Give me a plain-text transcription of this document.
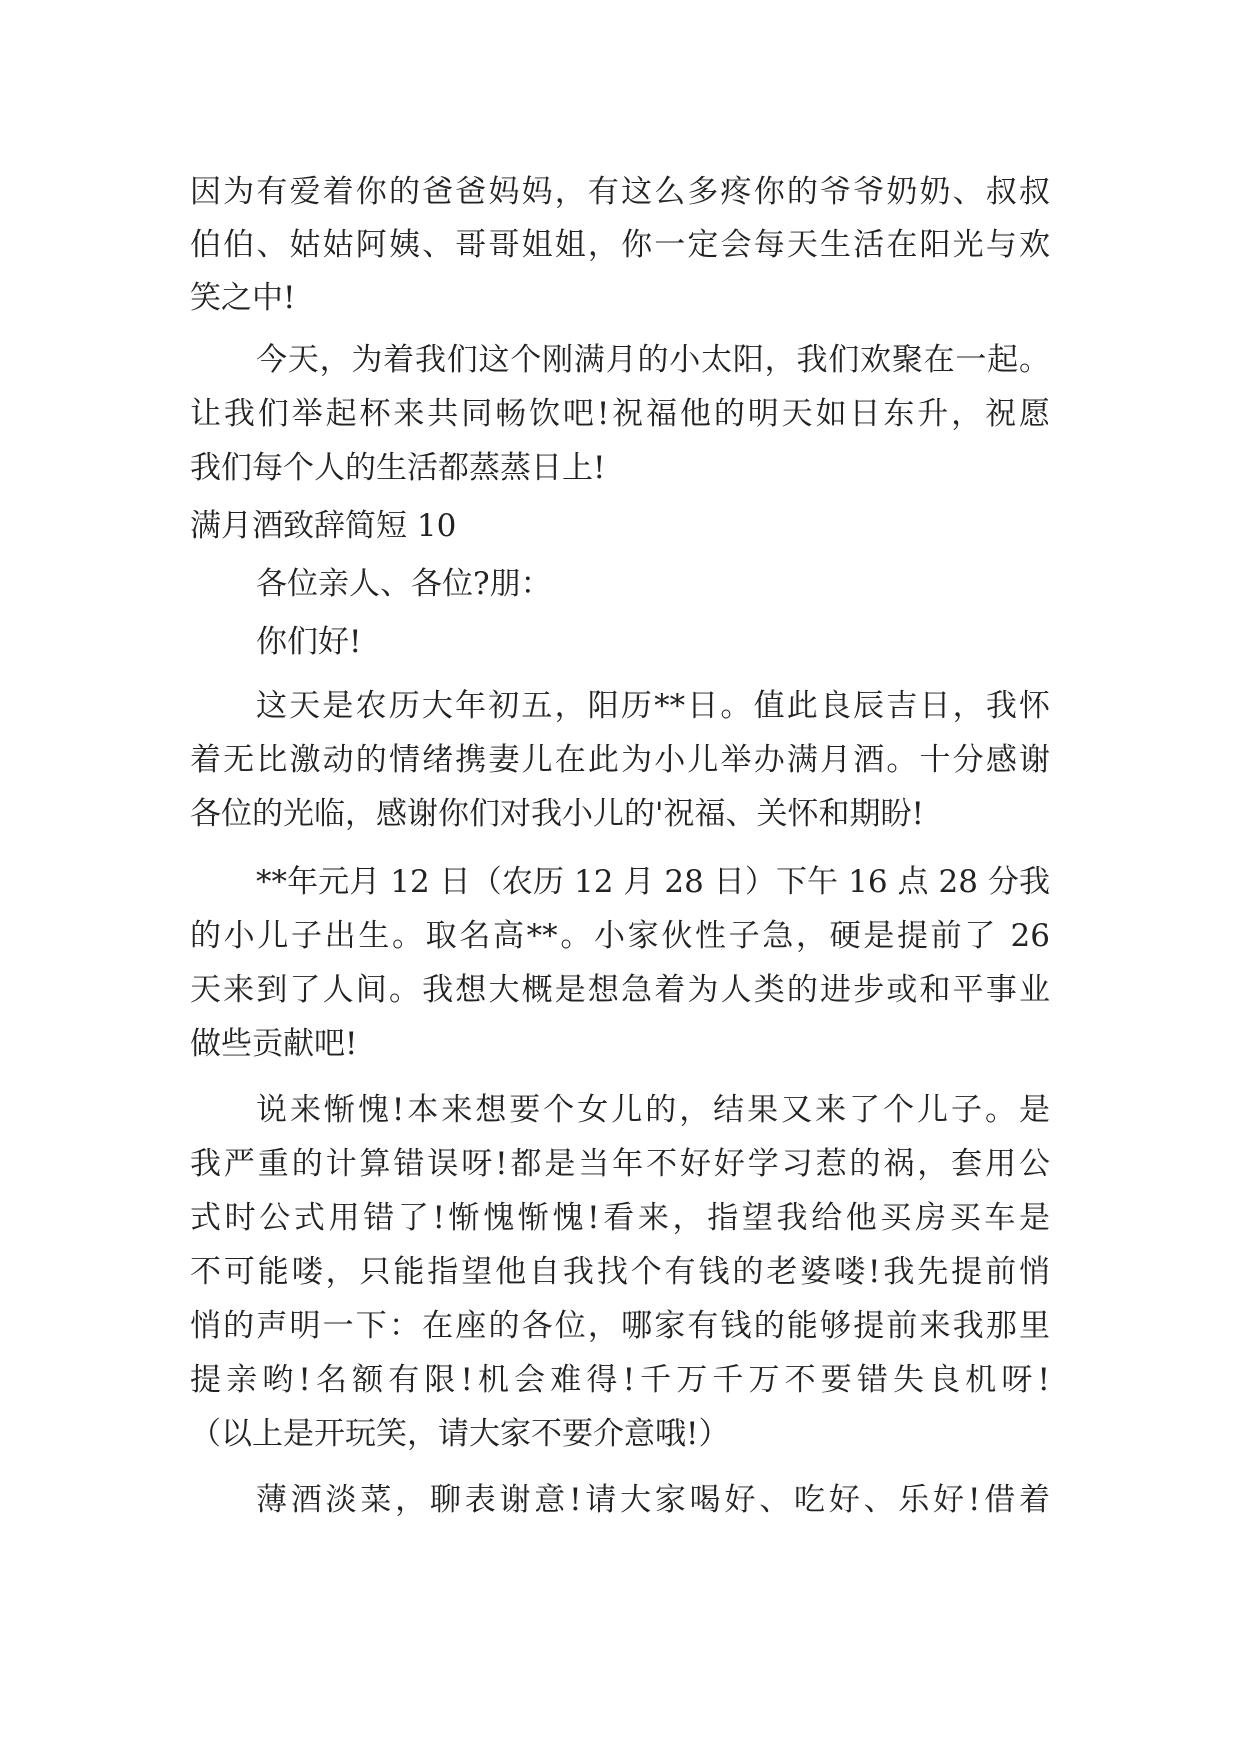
因为有爱着你的爸爸妈妈，有这么多疼你的爷爷奶奶、叔叔
伯伯、姑姑阿姨、哥哥姐姐，你一定会每天生活在阳光与欢
笑之中!
今天，为着我们这个刚满月的小太阳，我们欢聚在一起。
让我们举起杯来共同畅饮吧!祝福他的明天如日东升，祝愿
我们每个人的生活都蒸蒸日上!
满月酒致辞简短 10
各位亲人、各位?朋：
你们好!
这天是农历大年初五，阳历**日。值此良辰吉日，我怀
着无比激动的情绪携妻儿在此为小儿举办满月酒。十分感谢
各位的光临，感谢你们对我小儿的'祝福、关怀和期盼!
**年元月 12 日（农历 12 月 28 日）下午 16 点 28 分我
的小儿子出生。取名高**。小家伙性子急，硬是提前了 26
天来到了人间。我想大概是想急着为人类的进步或和平事业
做些贡献吧!
说来惭愧!本来想要个女儿的，结果又来了个儿子。是
我严重的计算错误呀!都是当年不好好学习惹的祸，套用公
式时公式用错了!惭愧惭愧!看来，指望我给他买房买车是
不可能喽，只能指望他自我找个有钱的老婆喽!我先提前悄
悄的声明一下：在座的各位，哪家有钱的能够提前来我那里
提亲哟!名额有限!机会难得!千万千万不要错失良机呀!
（以上是开玩笑，请大家不要介意哦!）
薄酒淡菜，聊表谢意!请大家喝好、吃好、乐好!借着
